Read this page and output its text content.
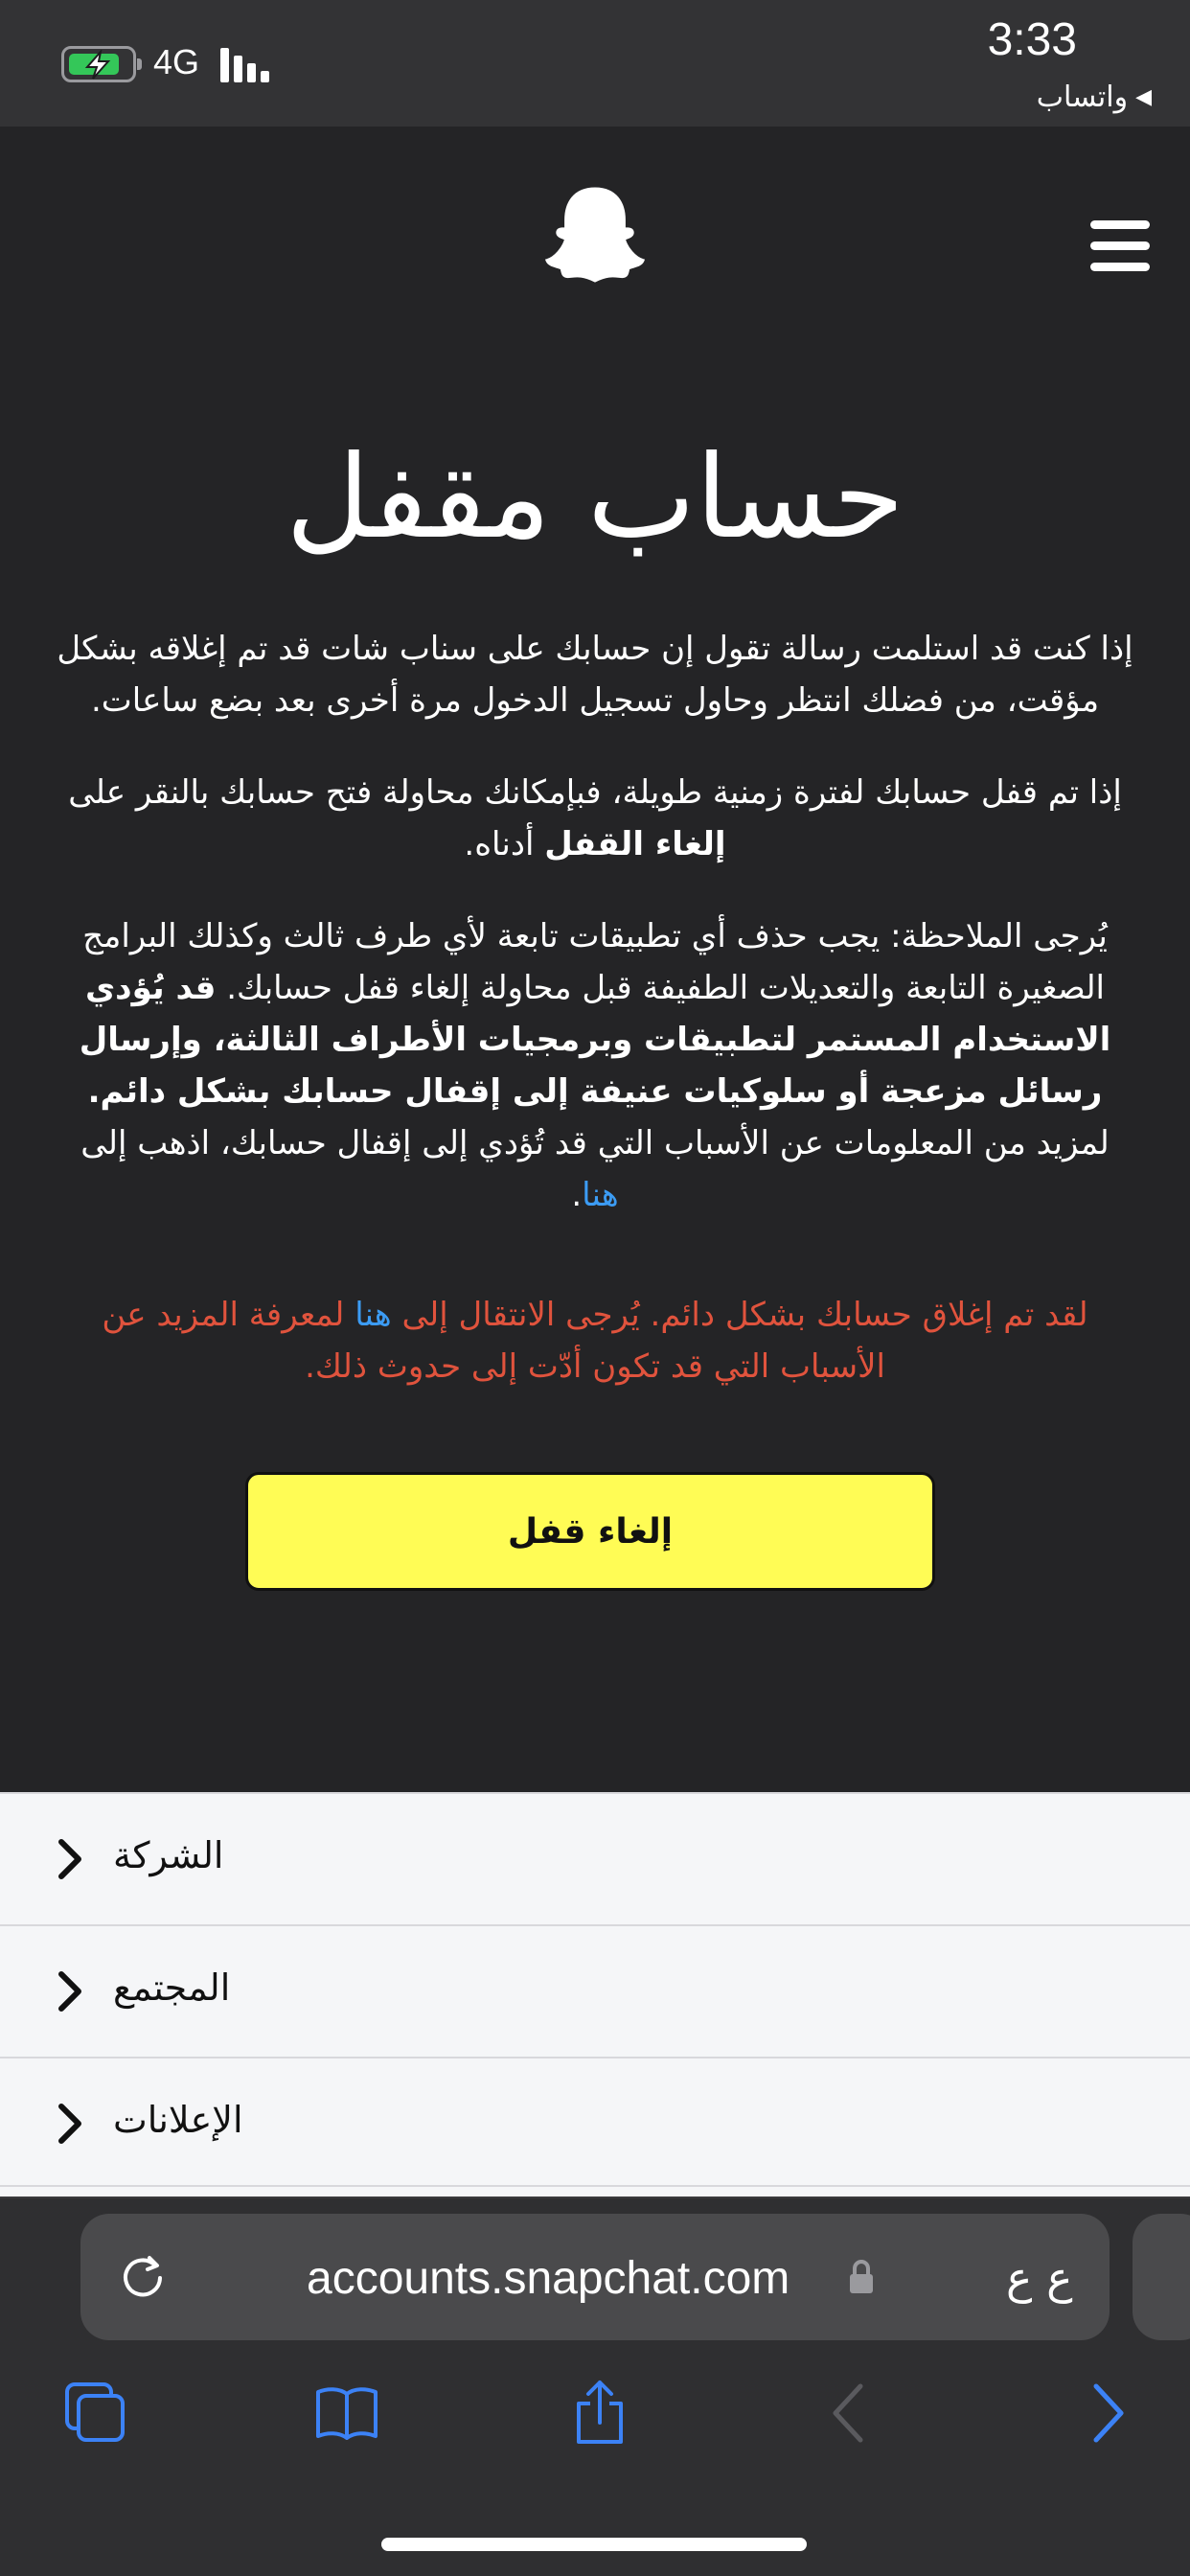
4G	3:33
واتساب ◀
حساب مقفل

إذا كنت قد استلمت رسالة تقول إن حسابك على سناب شات قد تم إغلاقه بشكل مؤقت، من فضلك انتظر وحاول تسجيل الدخول مرة أخرى بعد بضع ساعات.

إذا تم قفل حسابك لفترة زمنية طويلة، فبإمكانك محاولة فتح حسابك بالنقر على إلغاء القفل أدناه.

يُرجى الملاحظة: يجب حذف أي تطبيقات تابعة لأي طرف ثالث وكذلك البرامج الصغيرة التابعة والتعديلات الطفيفة قبل محاولة إلغاء قفل حسابك. قد يُؤدي الاستخدام المستمر لتطبيقات وبرمجيات الأطراف الثالثة، وإرسال رسائل مزعجة أو سلوكيات عنيفة إلى إقفال حسابك بشكل دائم. لمزيد من المعلومات عن الأسباب التي قد تُؤدي إلى إقفال حسابك، اذهب إلى هنا.

لقد تم إغلاق حسابك بشكل دائم. يُرجى الانتقال إلى هنا لمعرفة المزيد عن الأسباب التي قد تكون أدّت إلى حدوث ذلك.

إلغاء قفل
الشركة
المجتمع
الإعلانات
accounts.snapchat.com	ع ع
